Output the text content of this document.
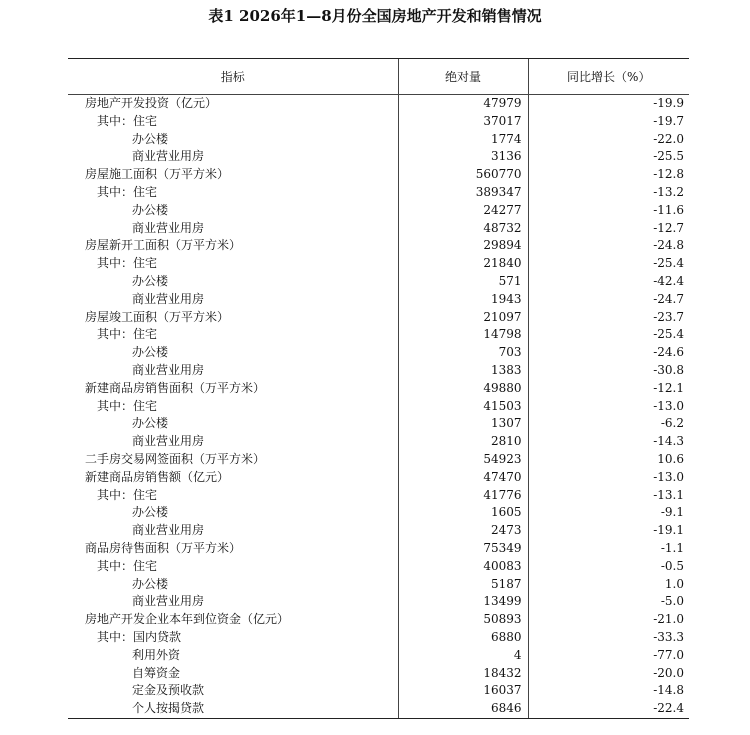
表1 2026年1—8月份全国房地产开发和销售情况
指标	绝对量	同比增长（%）
房地产开发投资（亿元）	47979	-19.9
其中：住宅	37017	-19.7
办公楼	1774	-22.0
商业营业用房	3136	-25.5
房屋施工面积（万平方米）	560770	-12.8
其中：住宅	389347	-13.2
办公楼	24277	-11.6
商业营业用房	48732	-12.7
房屋新开工面积（万平方米）	29894	-24.8
其中：住宅	21840	-25.4
办公楼	571	-42.4
商业营业用房	1943	-24.7
房屋竣工面积（万平方米）	21097	-23.7
其中：住宅	14798	-25.4
办公楼	703	-24.6
商业营业用房	1383	-30.8
新建商品房销售面积（万平方米）	49880	-12.1
其中：住宅	41503	-13.0
办公楼	1307	-6.2
商业营业用房	2810	-14.3
二手房交易网签面积（万平方米）	54923	10.6
新建商品房销售额（亿元）	47470	-13.0
其中：住宅	41776	-13.1
办公楼	1605	-9.1
商业营业用房	2473	-19.1
商品房待售面积（万平方米）	75349	-1.1
其中：住宅	40083	-0.5
办公楼	5187	1.0
商业营业用房	13499	-5.0
房地产开发企业本年到位资金（亿元）	50893	-21.0
其中：国内贷款	6880	-33.3
利用外资	4	-77.0
自筹资金	18432	-20.0
定金及预收款	16037	-14.8
个人按揭贷款	6846	-22.4
